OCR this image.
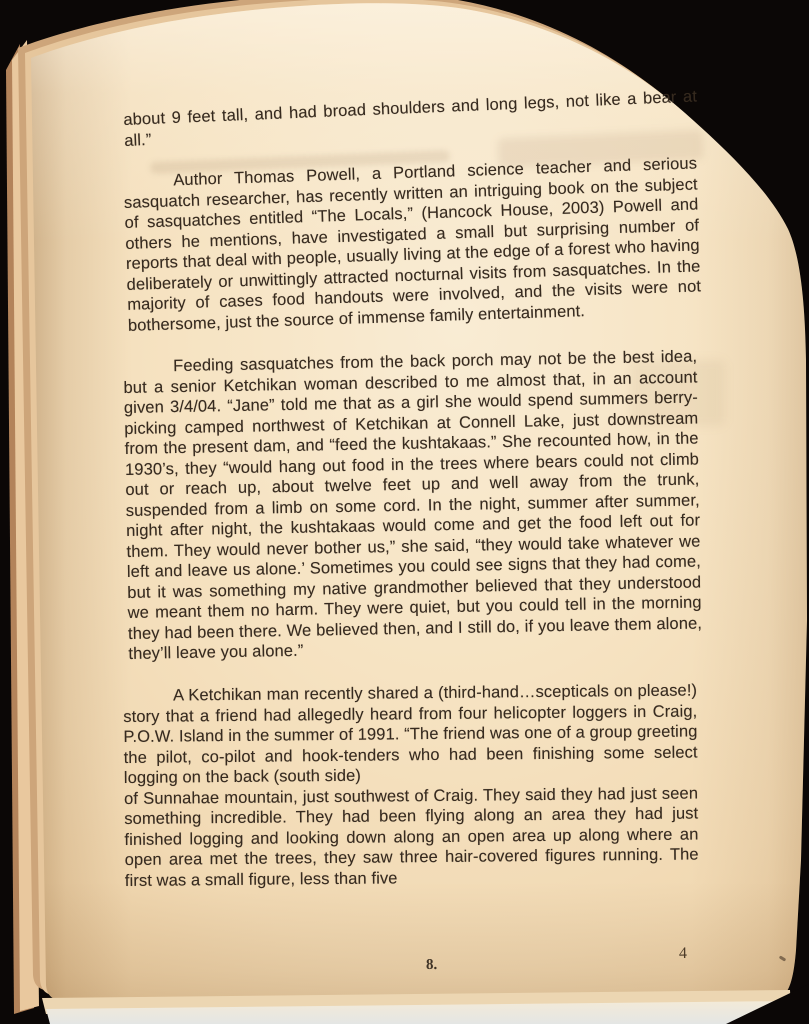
about 9 feet tall, and had broad shoulders and long legs, not like a bear at all.”

Author Thomas Powell, a Portland science teacher and serious sasquatch researcher, has recently written an intriguing book on the subject of sasquatches entitled “The Locals,” (Hancock House, 2003) Powell and others he mentions, have investigated a small but surprising number of reports that deal with people, usually living at the edge of a forest who having deliberately or unwittingly attracted nocturnal visits from sasquatches. In the majority of cases food handouts were involved, and the visits were not bothersome, just the source of immense family entertainment.

Feeding sasquatches from the back porch may not be the best idea, but a senior Ketchikan woman described to me almost that, in an account given 3/4/04. “Jane” told me that as a girl she would spend summers berry-picking camped northwest of Ketchikan at Connell Lake, just downstream from the present dam, and “feed the kushtakaas.” She recounted how, in the 1930’s, they “would hang out food in the trees where bears could not climb out or reach up, about twelve feet up and well away from the trunk, suspended from a limb on some cord. In the night, summer after summer, night after night, the kushtakaas would come and get the food left out for them. They would never bother us,” she said, “they would take whatever we left and leave us alone.’ Sometimes you could see signs that they had come, but it was something my native grandmother believed that they understood we meant them no harm. They were quiet, but you could tell in the morning they had been there. We believed then, and I still do, if you leave them alone, they’ll leave you alone.”

A Ketchikan man recently shared a (third-hand…scepticals on please!) story that a friend had allegedly heard from four helicopter loggers in Craig, P.O.W. Island in the summer of 1991. “The friend was one of a group greeting the pilot, co-pilot and hook-tenders who had been finishing some select logging on the back (south side)
of Sunnahae mountain, just southwest of Craig. They said they had just seen something incredible. They had been flying along an area they had just finished logging and looking down along an open area up along where an open area met the trees, they saw three hair-covered figures running. The first was a small figure, less than five

8.
4
